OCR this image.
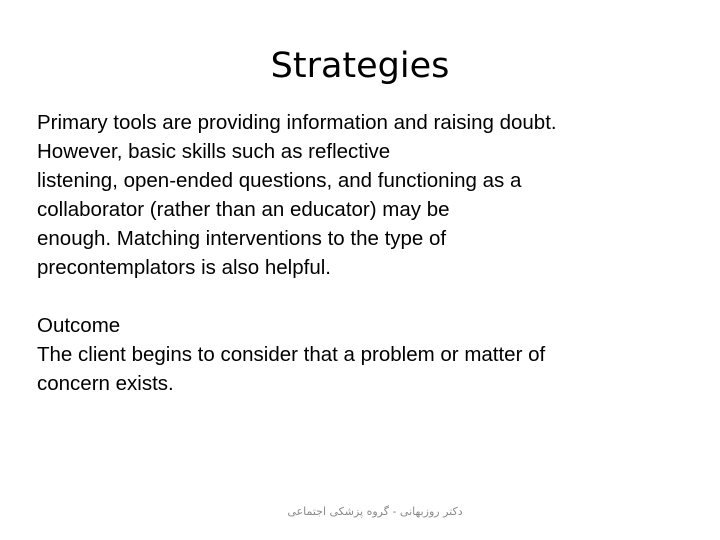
Strategies
Primary tools are providing information and raising doubt.
However, basic skills such as reflective
listening, open-ended questions, and functioning as a
collaborator (rather than an educator) may be
enough. Matching interventions to the type of
precontemplators is also helpful.
Outcome
The client begins to consider that a problem or matter of
concern exists.
دکتر روزبهانی - گروه پزشکی اجتماعی
